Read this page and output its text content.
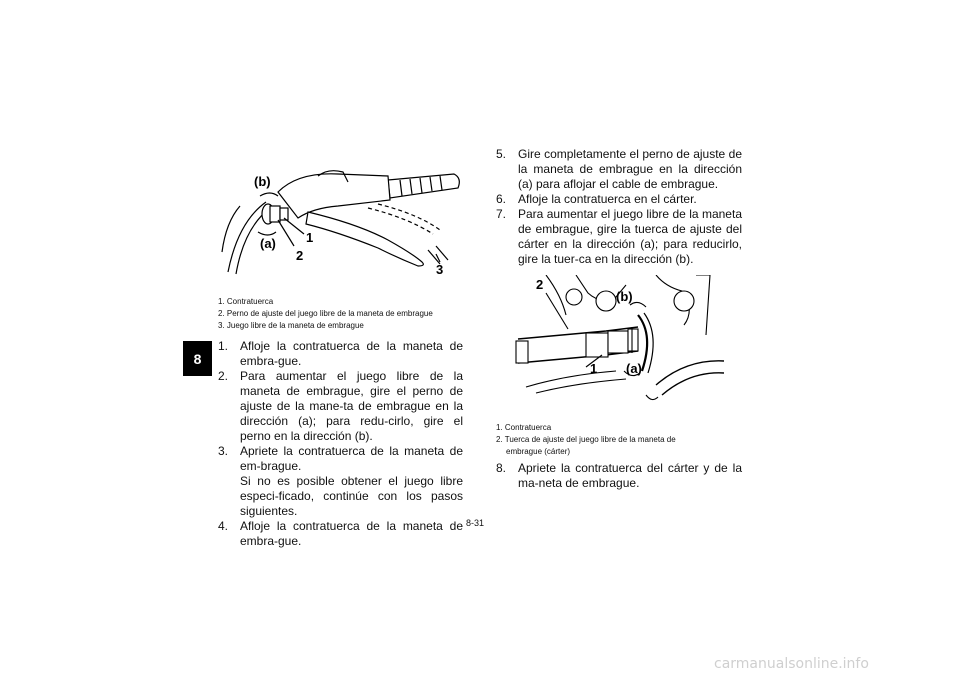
8
(b)
(a) 1
2
3
1. Contratuerca
2. Perno de ajuste del juego libre de la maneta de embrague
3. Juego libre de la maneta de embrague
1. Afloje la contratuerca de la maneta de embra-gue.
2. Para aumentar el juego libre de la maneta de embrague, gire el perno de ajuste de la mane-ta de embrague en la dirección (a); para redu-cirlo, gire el perno en la dirección (b).
3. Apriete la contratuerca de la maneta de em-brague.
Si no es posible obtener el juego libre especi-ficado, continúe con los pasos siguientes.
4. Afloje la contratuerca de la maneta de embra-gue.
5. Gire completamente el perno de ajuste de la maneta de embrague en la dirección (a) para aflojar el cable de embrague.
6. Afloje la contratuerca en el cárter.
7. Para aumentar el juego libre de la maneta de embrague, gire la tuerca de ajuste del cárter en la dirección (a); para reducirlo, gire la tuer-ca en la dirección (b).
2
(b)
1 (a)
1. Contratuerca
2. Tuerca de ajuste del juego libre de la maneta de
embrague (cárter)
8. Apriete la contratuerca del cárter y de la ma-neta de embrague.
8-31
carmanualsonline.info
